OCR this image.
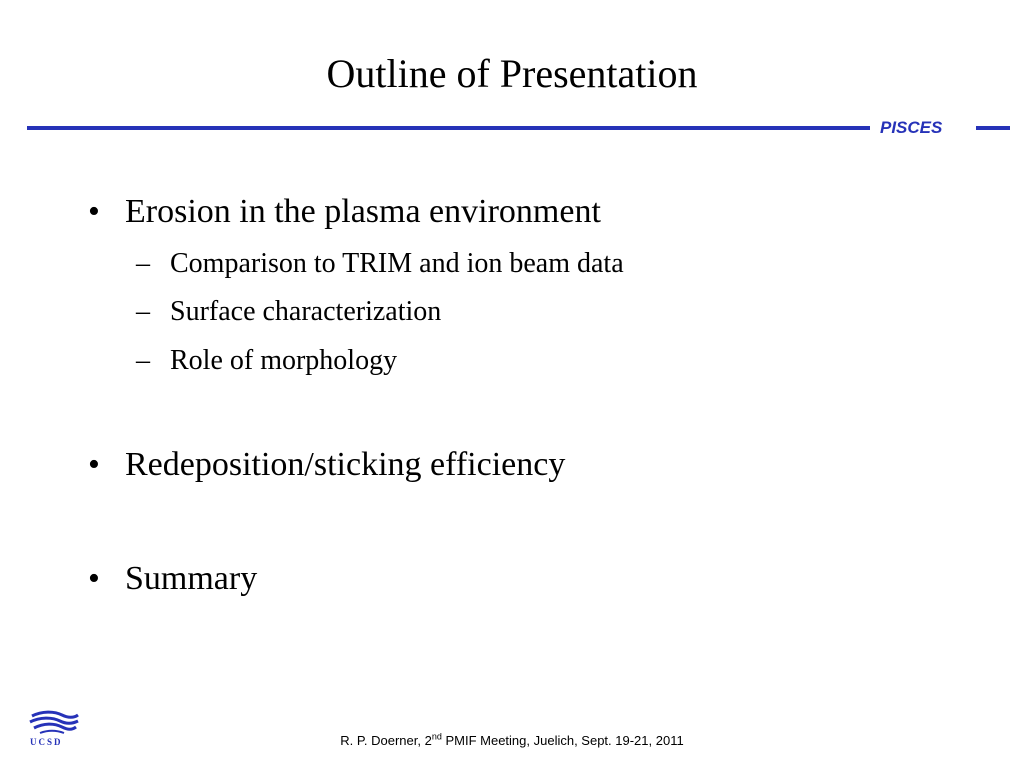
Outline of Presentation
PISCES
• Erosion in the plasma environment
– Comparison to TRIM and ion beam data
– Surface characterization
– Role of morphology
• Redeposition/sticking efficiency
• Summary
UCSD	R. P. Doerner, 2nd PMIF Meeting, Juelich, Sept. 19-21, 2011
